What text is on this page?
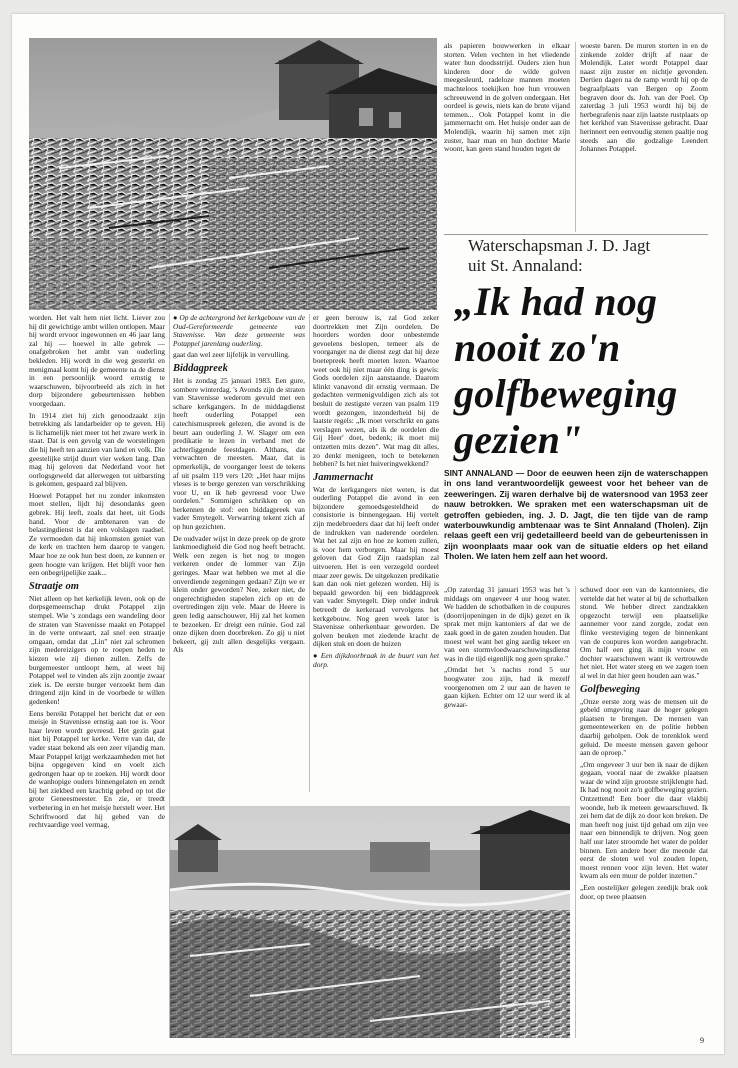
als papieren bouwwerken in elkaar storten. Velen vechten in het vliedende water hun doodsstrijd. Ouders zien hun kinderen door de wilde golven meegesleurd, radeloze mannen moeten machteloos toekijken hoe hun vrouwen schreeuwend in de golven ondergaan. Het oordeel is gewis, niets kan de brute vijand temmen... Ook Potappel komt in die jammernacht om. Het huisje onder aan de Molendijk, waarin hij samen met zijn zuster, haar man en hun dochter Marie woont, kan geen stand houden tegen de

woeste baren. De muren storten in en de zinkende zolder drijft af naar de Molendijk. Later wordt Potappel daar naast zijn zuster en nichtje gevonden. Dertien dagen na de ramp wordt hij op de begraafplaats van Bergen op Zoom begraven door ds. Joh. van der Poel. Op zaterdag 3 juli 1953 wordt hij bij de herbegrafenis naar zijn laatste rustplaats op het kerkhof van Stavenisse gebracht. Daar herinnert een eenvoudig stenen paaltje nog steeds aan die godzalige Leendert Johannes Potappel.

Waterschapsman J. D. Jagt
uit St. Annaland:
„Ik had nog
nooit zo'n
golfbeweging
gezien"
SINT ANNALAND — Door de eeuwen heen zijn de waterschappen in ons land verantwoordelijk geweest voor het beheer van de zeeweringen. Zij waren derhalve bij de watersnood van 1953 zeer nauw betrokken. We spraken met een waterschapsman uit de getroffen gebieden, ing. J. D. Jagt, die ten tijde van de ramp waterbouwkundig ambtenaar was te Sint Annaland (Tholen). Zijn relaas geeft een vrij gedetailleerd beeld van de gebeurtenissen in zijn woonplaats maar ook van de situatie elders op het eiland Tholen. We laten hem zelf aan het woord.

worden. Het valt hem niet licht. Liever zou hij dit gewichtige ambt willen ontlopen. Maar hij wordt ervoor ingewonnen en 46 jaar lang zal hij — hoewel in alle gebrek — onafgebroken het ambt van ouderling bekleden. Hij wordt in die weg gesterkt en menigmaal komt hij de gemeente na de dienst in een persoonlijk woord ernstig te waarschuwen, bijvoorbeeld als zich in het dorp bijzondere gebeurtenissen hebben voorgedaan.

In 1914 ziet hij zich genoodzaakt zijn betrekking als landarbeider op te geven. Hij is lichamelijk niet meer tot het zware werk in staat. Dat is een gevolg van de worstelingen die hij heeft ten aanzien van land en volk. Die geestelijke strijd duurt vier weken lang. Dan mag hij geloven dat Nederland voor het oorlogsgeweld dat allerwegen tot uitbarsting is gekomen, gespaard zal blijven.

Hoewel Potappel het nu zonder inkomsten moet stellen, lijdt hij desondanks geen gebrek. Hij leeft, zoals dat heet, uit Gods hand. Voor de ambtenaren van de belastingdienst is dat een volslagen raadsel. Ze vermoeden dat hij inkomsten geniet van de kerk en trachten hem daarop te vangen. Maar hoe ze ook hun best doen, ze kunnen er geen hoogte van krijgen. Het blijft voor hen een onbegrijpelijke zaak...

Straatje om

Niet alleen op het kerkelijk leven, ook op de dorpsgemeenschap drukt Potappel zijn stempel. Wie 's zondags een wandeling door de straten van Stavenisse maakt en Potappel in de verte ontwaart, zal snel een straatje omgaan, omdat dat „Lin" niet zal schromen zijn medereizigers op te roepen heden te kiezen wie zij dienen zullen. Zelfs de burgemeester ontloopt hem, al weet hij Potappel wel te vinden als zijn zoontje zwaar ziek is. De eerste burger verzoekt hem dan dringend zijn kind in de voorbede te willen gedenken!

Eens bereikt Potappel het bericht dat er een meisje in Stavenisse ernstig aan toe is. Voor haar leven wordt gevreesd. Het gezin gaat niet bij Potappel ter kerke. Verre van dat, de vader staat bekend als een zeer vijandig man. Maar Potappel krijgt werkzaamheden met het bijna opgegeven kind en voelt zich gedrongen haar op te zoeken. Hij wordt door de wanhopige ouders binnengelaten en zendt bij het ziekbed een krachtig gebed op tot die grote Geneesmeester. En zie, er treedt verbetering in en het meisje herstelt weer. Het Schriftwoord dat hij gebed van de rechtvaardige veel vermag,

● Op de achtergrond het kerkgebouw van de Oud-Gereformeerde gemeente van Stavenisse. Van deze gemeente was Potappel jarenlang ouderling.

gaat dan wel zeer lijfelijk in vervulling.

Biddagpreek

Het is zondag 25 januari 1983. Een gure, sombere winterdag. 's Avonds zijn de straten van Stavenisse wederom gevuld met een schare kerkgangers. In de middagdienst heeft ouderling Potappel een catechismuspreek gelezen, die avond is de beurt aan ouderling J. W. Slager om een predikatie te lezen in verband met de achterliggende feestdagen. Althans, dat verwachten de meesten. Maar, dat is opmerkelijk, de voorganger leest de tekens af uit psalm 119 vers 120: „Het haar mijns vleses is te berge gerezen van verschrikking voor U, en ik heb gevreesd voor Uwe oordelen." Sommigen schrikken op en herkennen de stof: een biddagpreek van vader Smytegelt. Verwarring tekent zich af op hun gezichten.

De oudvader wijst in deze preek op de grote lankmoedigheid die God nog heeft betracht. Welk een zegen is het nog te mogen verkeren onder de lommer van Zijn geringes. Maar wat hebben we met al die onverdiende zegeningen gedaan? Zijn we er klein onder geworden? Nee, zeker niet, de ongerechtigheden stapelen zich op en de overtredingen zijn vele. Maar de Heere is geen ledig aanschouwer, Hij zal het komen te bezoeken. Er dreigt een ruïnie. God zal onze dijken doen doorbreken. Zo gij u niet bekeert, gij zult allen desgelijks vergaan. Als

er geen berouw is, zal God zeker doortrekken met Zijn oordelen. De hoorders worden door onbestemde gevoelens beslopen, temeer als de voorganger na de dienst zegt dat hij deze boetepreek heeft moeten lezen. Waartoe weet ook hij niet maar één ding is gewis: Gods oordelen zijn aanstaande. Daarom klinkt vanavond dit ernstig vermaan. De gedachten vermenigvuldigen zich als tot besluit de zestigste verzen van psalm 119 wordt gezongen, inzonderheid bij de laatste regels: „Ik moet verschrikt en gans verslagen wezen, als ik de oordelen die Gij Heer' doet, bedenk; ik moet mij ontzetten mits dezen". Wat mag dit alles, zo denkt menigeen, toch te betekenen hebben? Is het niet huiveringwekkend?

Jammernacht

Wat de kerkgangers niet weten, is dat ouderling Potappel die avond in een bijzondere gemoedsgesteldheid de consistorie is binnengegaan. Hij vertelt zijn medebroeders daar dat hij leeft onder de indrukken van naderende oordelen. Wat het zal zijn en hoe ze komen zullen, is voor hem verborgen. Maar hij moest geloven dat God Zijn raadsplan zal uitvoeren. Het is een verzegeld oordeel maar zeer gewis. De uitgekozen predikatie kan dan ook niet gelezen worden. Hij is bepaald geworden bij een biddagpreek van vader Smytegelt. Diep onder indruk betreedt de kerkeraad vervolgens het kerkgebouw. Nog geen week later is Stavenisse onherkenbaar geworden. De golven beuken met ziedende kracht de dijken stuk en doen de huizen

● Een dijkdoorbraak in de buurt van het dorp.

„Op zaterdag 31 januari 1953 was het 's middags om ongeveer 4 uur hoog water. We hadden de schotbalken in de coupures (doorrijopeningen in de dijk) gezet en ik sprak met mijn kantoniers af dat we de zaak goed in de gaten zouden houden. Dat moest wel want het ging aardig tekeer en van een stormvloedwaarschuwingsdienst was in die tijd eigenlijk nog geen sprake."

„Omdat het 's nachts rond 5 uur hoogwater zou zijn, had ik mezelf voorgenomen om 2 uur aan de haven te gaan kijken. Echter om 12 uur werd ik al gewaar-

schuwd door een van de kantonniers, die vertelde dat het water al bij de schotbalken stond. We hebber direct zandzakken opgezocht terwijl een plaatselijke aannemer voor zand zorgde, zodat een flinke versteviging tegen de binnenkant van de coupures kon worden aangebracht. Om half een ging ik mijn vrouw en dochter waarschuwen want ik vertrouwde het niet. Het water steeg en we zagen toen al wel in dat hier geen houden aan was."

Golfbeweging

„Onze eerste zorg was de mensen uit de gebeld omgeving naar de hoger gelegen plaatsen te brengen. De mensen van gemeentewerken en de politie hebben daarbij geholpen. Ook de torenklok werd geluid. De meeste mensen gaven gehoor aan de oproep."

„Om ongeveer 3 uur ben ik naar de dijken gegaan, vooral naar de zwakke plaatsen waar de wind zijn grootste strijklengte had. Ik had nog nooit zo'n golfbeweging gezien. Ontzettend! Een boer die daar vlakbij woonde, heb ik meteen gewaarschuwd. Ik zei hem dat de dijk zo door kon breken. De man heeft nog juist tijd gehad om zijn vee naar een binnendijk te drijven. Nog geen half uur later stroomde het water de polder binnen. Een andere boer die meende dat eerst de sloten wel vol zouden lopen, moest rennen voor zijn leven. Het water kwam als een muur de polder inzetten."

„Een oostelijker gelegen zeedijk brak ook door, op twee plaatsen

9
